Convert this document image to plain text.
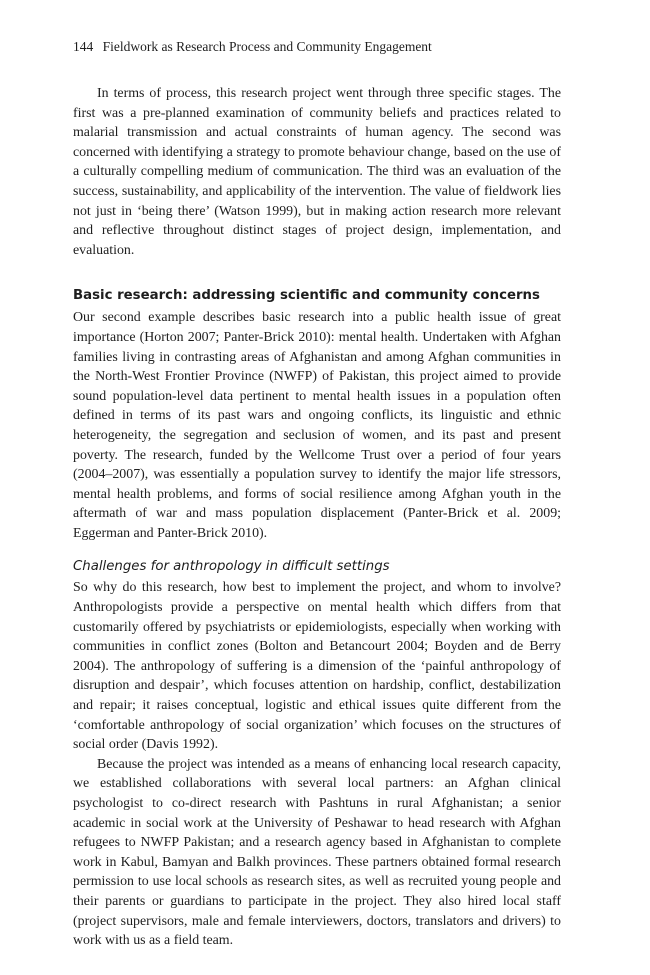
144 Fieldwork as Research Process and Community Engagement

In terms of process, this research project went through three specific stages. The first was a pre-planned examination of community beliefs and practices related to malarial transmission and actual constraints of human agency. The second was concerned with identifying a strategy to promote behaviour change, based on the use of a culturally compelling medium of communication. The third was an evaluation of the success, sustainability, and applicability of the intervention. The value of fieldwork lies not just in ‘being there’ (Watson 1999), but in making action research more relevant and reflective throughout distinct stages of project design, implementation, and evaluation.

Basic research: addressing scientific and community concerns

Our second example describes basic research into a public health issue of great importance (Horton 2007; Panter-Brick 2010): mental health. Undertaken with Afghan families living in contrasting areas of Afghanistan and among Afghan communities in the North-West Frontier Province (NWFP) of Pakistan, this project aimed to provide sound population-level data pertinent to mental health issues in a population often defined in terms of its past wars and ongoing conflicts, its linguistic and ethnic heterogeneity, the segregation and seclusion of women, and its past and present poverty. The research, funded by the Wellcome Trust over a period of four years (2004–2007), was essentially a population survey to identify the major life stressors, mental health problems, and forms of social resilience among Afghan youth in the aftermath of war and mass population displacement (Panter-Brick et al. 2009; Eggerman and Panter-Brick 2010).

Challenges for anthropology in difficult settings

So why do this research, how best to implement the project, and whom to involve? Anthropologists provide a perspective on mental health which differs from that customarily offered by psychiatrists or epidemiologists, especially when working with communities in conflict zones (Bolton and Betancourt 2004; Boyden and de Berry 2004). The anthropology of suffering is a dimension of the ‘painful anthropology of disruption and despair’, which focuses attention on hardship, conflict, destabilization and repair; it raises conceptual, logistic and ethical issues quite different from the ‘comfortable anthropology of social organization’ which focuses on the structures of social order (Davis 1992).

Because the project was intended as a means of enhancing local research capacity, we established collaborations with several local partners: an Afghan clinical psychologist to co-direct research with Pashtuns in rural Afghanistan; a senior academic in social work at the University of Peshawar to head research with Afghan refugees to NWFP Pakistan; and a research agency based in Afghanistan to complete work in Kabul, Bamyan and Balkh provinces. These partners obtained formal research permission to use local schools as research sites, as well as recruited young people and their parents or guardians to participate in the project. They also hired local staff (project supervisors, male and female interviewers, doctors, translators and drivers) to work with us as a field team.
